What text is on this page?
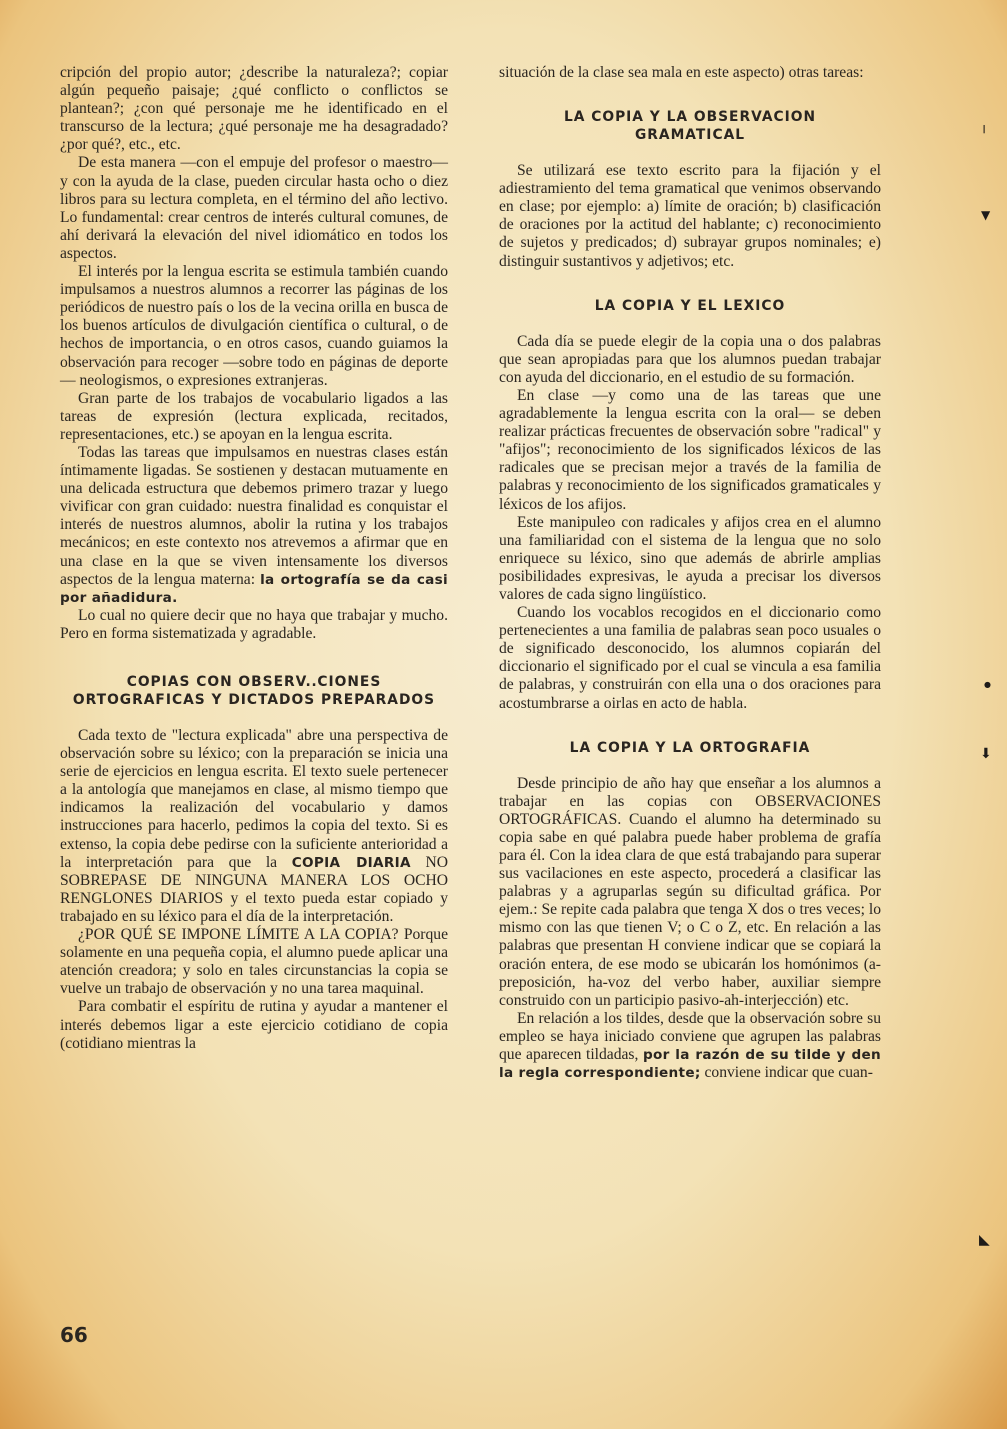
cripción del propio autor; ¿describe la naturaleza?; copiar algún pequeño paisaje; ¿qué conflicto o conflictos se plantean?; ¿con qué personaje me he identificado en el transcurso de la lectura; ¿qué personaje me ha desagradado? ¿por qué?, etc., etc.

De esta manera —con el empuje del profesor o maestro— y con la ayuda de la clase, pueden circular hasta ocho o diez libros para su lectura completa, en el término del año lectivo. Lo fundamental: crear centros de interés cultural comunes, de ahí derivará la elevación del nivel idiomático en todos los aspectos.

El interés por la lengua escrita se estimula también cuando impulsamos a nuestros alumnos a recorrer las páginas de los periódicos de nuestro país o los de la vecina orilla en busca de los buenos artículos de divulgación científica o cultural, o de hechos de importancia, o en otros casos, cuando guiamos la observación para recoger —sobre todo en páginas de deporte— neologismos, o expresiones extranjeras.

Gran parte de los trabajos de vocabulario ligados a las tareas de expresión (lectura explicada, recitados, representaciones, etc.) se apoyan en la lengua escrita.

Todas las tareas que impulsamos en nuestras clases están íntimamente ligadas. Se sostienen y destacan mutuamente en una delicada estructura que debemos primero trazar y luego vivificar con gran cuidado: nuestra finalidad es conquistar el interés de nuestros alumnos, abolir la rutina y los trabajos mecánicos; en este contexto nos atrevemos a afirmar que en una clase en la que se viven intensamente los diversos aspectos de la lengua materna: la ortografía se da casi por añadidura.

Lo cual no quiere decir que no haya que trabajar y mucho. Pero en forma sistematizada y agradable.

COPIAS CON OBSERV.․CIONES ORTOGRAFICAS Y DICTADOS PREPARADOS

Cada texto de "lectura explicada" abre una perspectiva de observación sobre su léxico; con la preparación se inicia una serie de ejercicios en lengua escrita. El texto suele pertenecer a la antología que manejamos en clase, al mismo tiempo que indicamos la realización del vocabulario y damos instrucciones para hacerlo, pedimos la copia del texto. Si es extenso, la copia debe pedirse con la suficiente anterioridad a la interpretación para que la COPIA DIARIA NO SOBREPASE DE NINGUNA MANERA LOS OCHO RENGLONES DIARIOS y el texto pueda estar copiado y trabajado en su léxico para el día de la interpretación.

¿POR QUÉ SE IMPONE LÍMITE A LA COPIA? Porque solamente en una pequeña copia, el alumno puede aplicar una atención creadora; y solo en tales circunstancias la copia se vuelve un trabajo de observación y no una tarea maquinal.

Para combatir el espíritu de rutina y ayudar a mantener el interés debemos ligar a este ejercicio cotidiano de copia (cotidiano mientras la

situación de la clase sea mala en este aspecto) otras tareas:

LA COPIA Y LA OBSERVACION GRAMATICAL

Se utilizará ese texto escrito para la fijación y el adiestramiento del tema gramatical que venimos observando en clase; por ejemplo: a) límite de oración; b) clasificación de oraciones por la actitud del hablante; c) reconocimiento de sujetos y predicados; d) subrayar grupos nominales; e) distinguir sustantivos y adjetivos; etc.

LA COPIA Y EL LEXICO

Cada día se puede elegir de la copia una o dos palabras que sean apropiadas para que los alumnos puedan trabajar con ayuda del diccionario, en el estudio de su formación.

En clase —y como una de las tareas que une agradablemente la lengua escrita con la oral— se deben realizar prácticas frecuentes de observación sobre "radical" y "afijos"; reconocimiento de los significados léxicos de las radicales que se precisan mejor a través de la familia de palabras y reconocimiento de los significados gramaticales y léxicos de los afijos.

Este manipuleo con radicales y afijos crea en el alumno una familiaridad con el sistema de la lengua que no solo enriquece su léxico, sino que además de abrirle amplias posibilidades expresivas, le ayuda a precisar los diversos valores de cada signo lingüístico.

Cuando los vocablos recogidos en el diccionario como pertenecientes a una familia de palabras sean poco usuales o de significado desconocido, los alumnos copiarán del diccionario el significado por el cual se vincula a esa familia de palabras, y construirán con ella una o dos oraciones para acostumbrarse a oirlas en acto de habla.

LA COPIA Y LA ORTOGRAFIA

Desde principio de año hay que enseñar a los alumnos a trabajar en las copias con OBSERVACIONES ORTOGRÁFICAS. Cuando el alumno ha determinado su copia sabe en qué palabra puede haber problema de grafía para él. Con la idea clara de que está trabajando para superar sus vacilaciones en este aspecto, procederá a clasificar las palabras y a agruparlas según su dificultad gráfica. Por ejem.: Se repite cada palabra que tenga X dos o tres veces; lo mismo con las que tienen V; o C o Z, etc. En relación a las palabras que presentan H conviene indicar que se copiará la oración entera, de ese modo se ubicarán los homónimos (a-preposición, ha-voz del verbo haber, auxiliar siempre construido con un participio pasivo-ah-interjección) etc.

En relación a los tildes, desde que la observación sobre su empleo se haya iniciado conviene que agrupen las palabras que aparecen tildadas, por la razón de su tilde y den la regla correspondiente; conviene indicar que cuan-

66
╵
▼
●
⬇
◣
